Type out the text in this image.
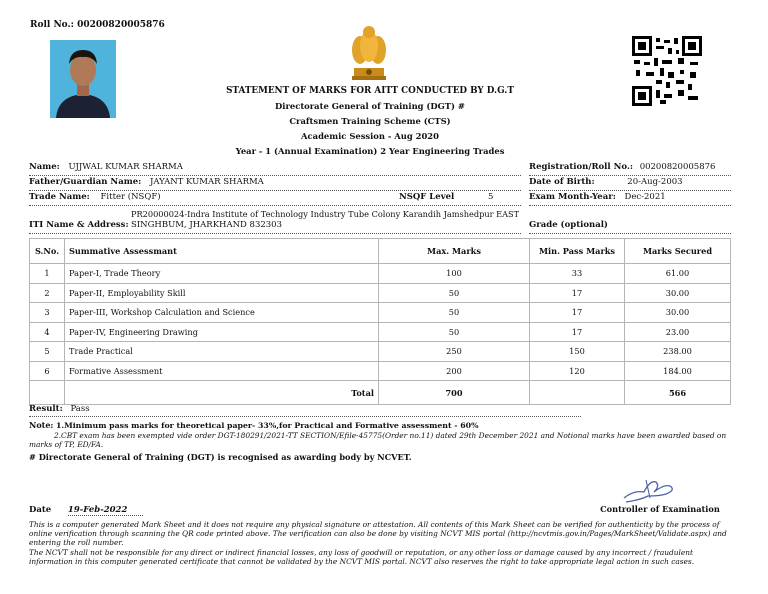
Roll No.: 00200820005876
STATEMENT OF MARKS FOR AITT CONDUCTED BY D.G.T
Directorate General of Training (DGT) #
Craftsmen Training Scheme (CTS)
Academic Session - Aug 2020
Year - 1 (Annual Examination) 2 Year Engineering Trades
Name: UJJWAL KUMAR SHARMA	Registration/Roll No.: 00200820005876
Father/Guardian Name: JAYANT KUMAR SHARMA	Date of Birth:	20-Aug-2003
Trade Name: Fitter (NSQF)	NSQF Level	5	Exam Month-Year: Dec-2021
PR20000024-Indra Institute of Technology Industry Tube Colony Karandih Jamshedpur EAST
ITI Name & Address: SINGHBUM, JHARKHAND 832303	Grade (optional)
S.No.	Summative Assessmant	Max. Marks	Min. Pass Marks	Marks Secured
1	Paper-I, Trade Theory	100	33	61.00
2	Paper-II, Employability Skill	50	17	30.00
3	Paper-III, Workshop Calculation and Science	50	17	30.00
4	Paper-IV, Engineering Drawing	50	17	23.00
5	Trade Practical	250	150	238.00
6	Formative Assessment	200	120	184.00
	Total	700		566
Result: Pass
Note: 1.Minimum pass marks for theoretical paper- 33%,for Practical and Formative assessment - 60%
2.CBT exam has been exempted vide order DGT-180291/2021-TT SECTION/Efile-45775(Order no.11) dated 29th December 2021 and Notional marks have been awarded based on
marks of TP, ED/FA.
# Directorate General of Training (DGT) is recognised as awarding body by NCVET.
Controller of Examination
Date 19-Feb-2022
This is a computer generated Mark Sheet and it does not require any physical signature or attestation. All contents of this Mark Sheet can be verified for authenticity by the process of online verification through scanning the QR code printed above. The verification can also be done by visiting NCVT MIS portal (http://ncvtmis.gov.in/Pages/MarkSheet/Validate.aspx) and entering the roll number.
The NCVT shall not be responsible for any direct or indirect financial losses, any loss of goodwill or reputation, or any other loss or damage caused by any incorrect / fraudulent information in this computer generated certificate that cannot be validated by the NCVT MIS portal. NCVT also reserves the right to take appropriate legal action in such cases.
